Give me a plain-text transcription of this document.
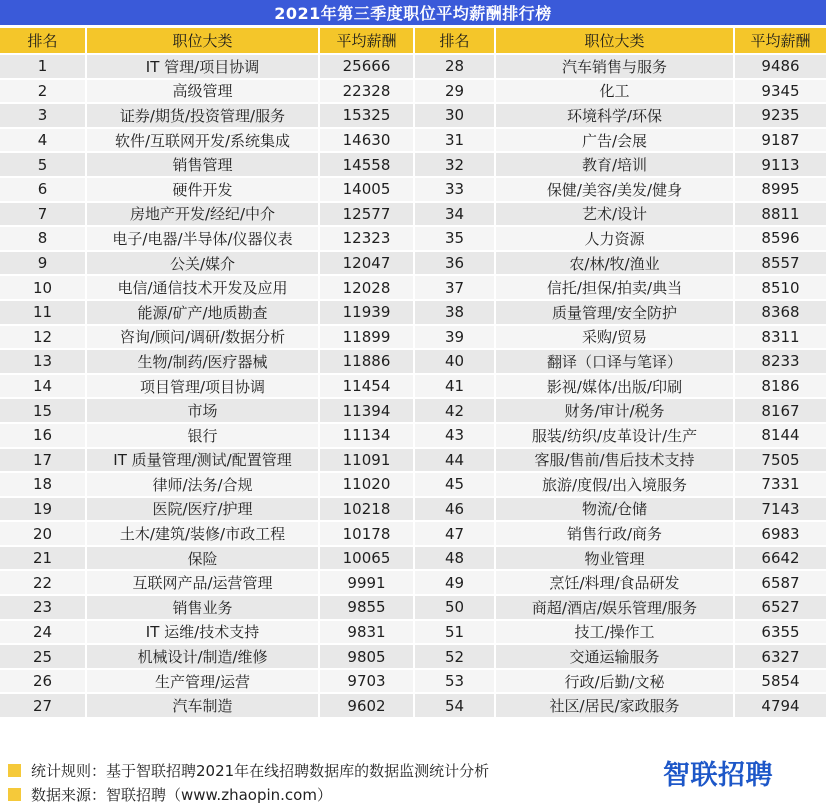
2021年第三季度职位平均薪酬排行榜
排名	职位大类	平均薪酬	排名	职位大类	平均薪酬
1	IT 管理/项目协调	25666	28	汽车销售与服务	9486
2	高级管理	22328	29	化工	9345
3	证券/期货/投资管理/服务	15325	30	环境科学/环保	9235
4	软件/互联网开发/系统集成	14630	31	广告/会展	9187
5	销售管理	14558	32	教育/培训	9113
6	硬件开发	14005	33	保健/美容/美发/健身	8995
7	房地产开发/经纪/中介	12577	34	艺术/设计	8811
8	电子/电器/半导体/仪器仪表	12323	35	人力资源	8596
9	公关/媒介	12047	36	农/林/牧/渔业	8557
10	电信/通信技术开发及应用	12028	37	信托/担保/拍卖/典当	8510
11	能源/矿产/地质勘查	11939	38	质量管理/安全防护	8368
12	咨询/顾问/调研/数据分析	11899	39	采购/贸易	8311
13	生物/制药/医疗器械	11886	40	翻译（口译与笔译）	8233
14	项目管理/项目协调	11454	41	影视/媒体/出版/印刷	8186
15	市场	11394	42	财务/审计/税务	8167
16	银行	11134	43	服装/纺织/皮革设计/生产	8144
17	IT 质量管理/测试/配置管理	11091	44	客服/售前/售后技术支持	7505
18	律师/法务/合规	11020	45	旅游/度假/出入境服务	7331
19	医院/医疗/护理	10218	46	物流/仓储	7143
20	土木/建筑/装修/市政工程	10178	47	销售行政/商务	6983
21	保险	10065	48	物业管理	6642
22	互联网产品/运营管理	9991	49	烹饪/料理/食品研发	6587
23	销售业务	9855	50	商超/酒店/娱乐管理/服务	6527
24	IT 运维/技术支持	9831	51	技工/操作工	6355
25	机械设计/制造/维修	9805	52	交通运输服务	6327
26	生产管理/运营	9703	53	行政/后勤/文秘	5854
27	汽车制造	9602	54	社区/居民/家政服务	4794
统计规则：基于智联招聘2021年在线招聘数据库的数据监测统计分析
数据来源：智联招聘（www.zhaopin.com）
智联招聘
